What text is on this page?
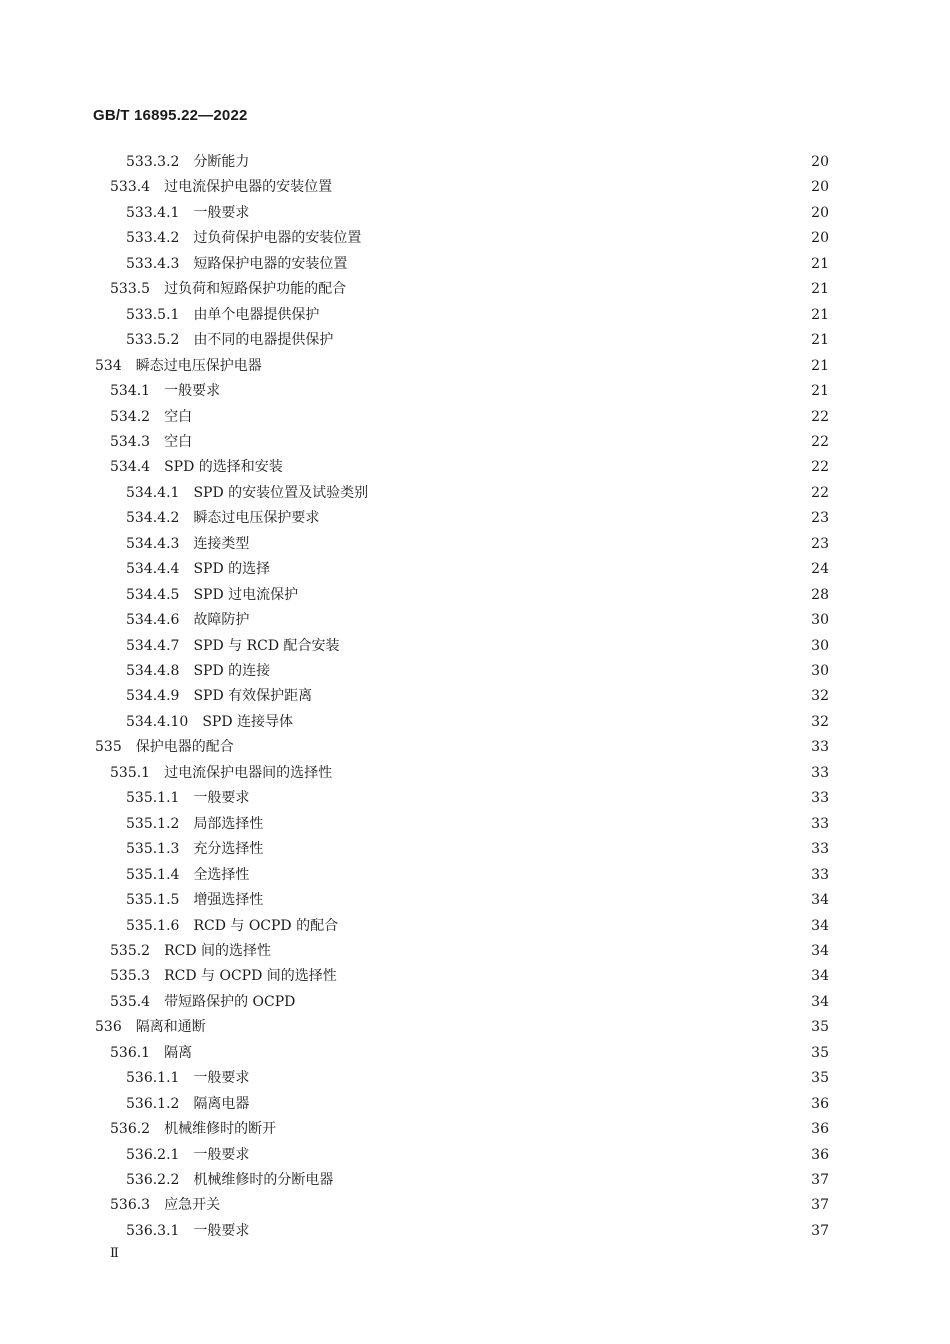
GB/T 16895.22—2022
533.3.2 分断能力	20
533.4 过电流保护电器的安装位置	20
533.4.1 一般要求	20
533.4.2 过负荷保护电器的安装位置	20
533.4.3 短路保护电器的安装位置	21
533.5 过负荷和短路保护功能的配合	21
533.5.1 由单个电器提供保护	21
533.5.2 由不同的电器提供保护	21
534 瞬态过电压保护电器	21
534.1 一般要求	21
534.2 空白	22
534.3 空白	22
534.4 SPD 的选择和安装	22
534.4.1 SPD 的安装位置及试验类别	22
534.4.2 瞬态过电压保护要求	23
534.4.3 连接类型	23
534.4.4 SPD 的选择	24
534.4.5 SPD 过电流保护	28
534.4.6 故障防护	30
534.4.7 SPD 与 RCD 配合安装	30
534.4.8 SPD 的连接	30
534.4.9 SPD 有效保护距离	32
534.4.10 SPD 连接导体	32
535 保护电器的配合	33
535.1 过电流保护电器间的选择性	33
535.1.1 一般要求	33
535.1.2 局部选择性	33
535.1.3 充分选择性	33
535.1.4 全选择性	33
535.1.5 增强选择性	34
535.1.6 RCD 与 OCPD 的配合	34
535.2 RCD 间的选择性	34
535.3 RCD 与 OCPD 间的选择性	34
535.4 带短路保护的 OCPD	34
536 隔离和通断	35
536.1 隔离	35
536.1.1 一般要求	35
536.1.2 隔离电器	36
536.2 机械维修时的断开	36
536.2.1 一般要求	36
536.2.2 机械维修时的分断电器	37
536.3 应急开关	37
536.3.1 一般要求	37
Ⅱ
